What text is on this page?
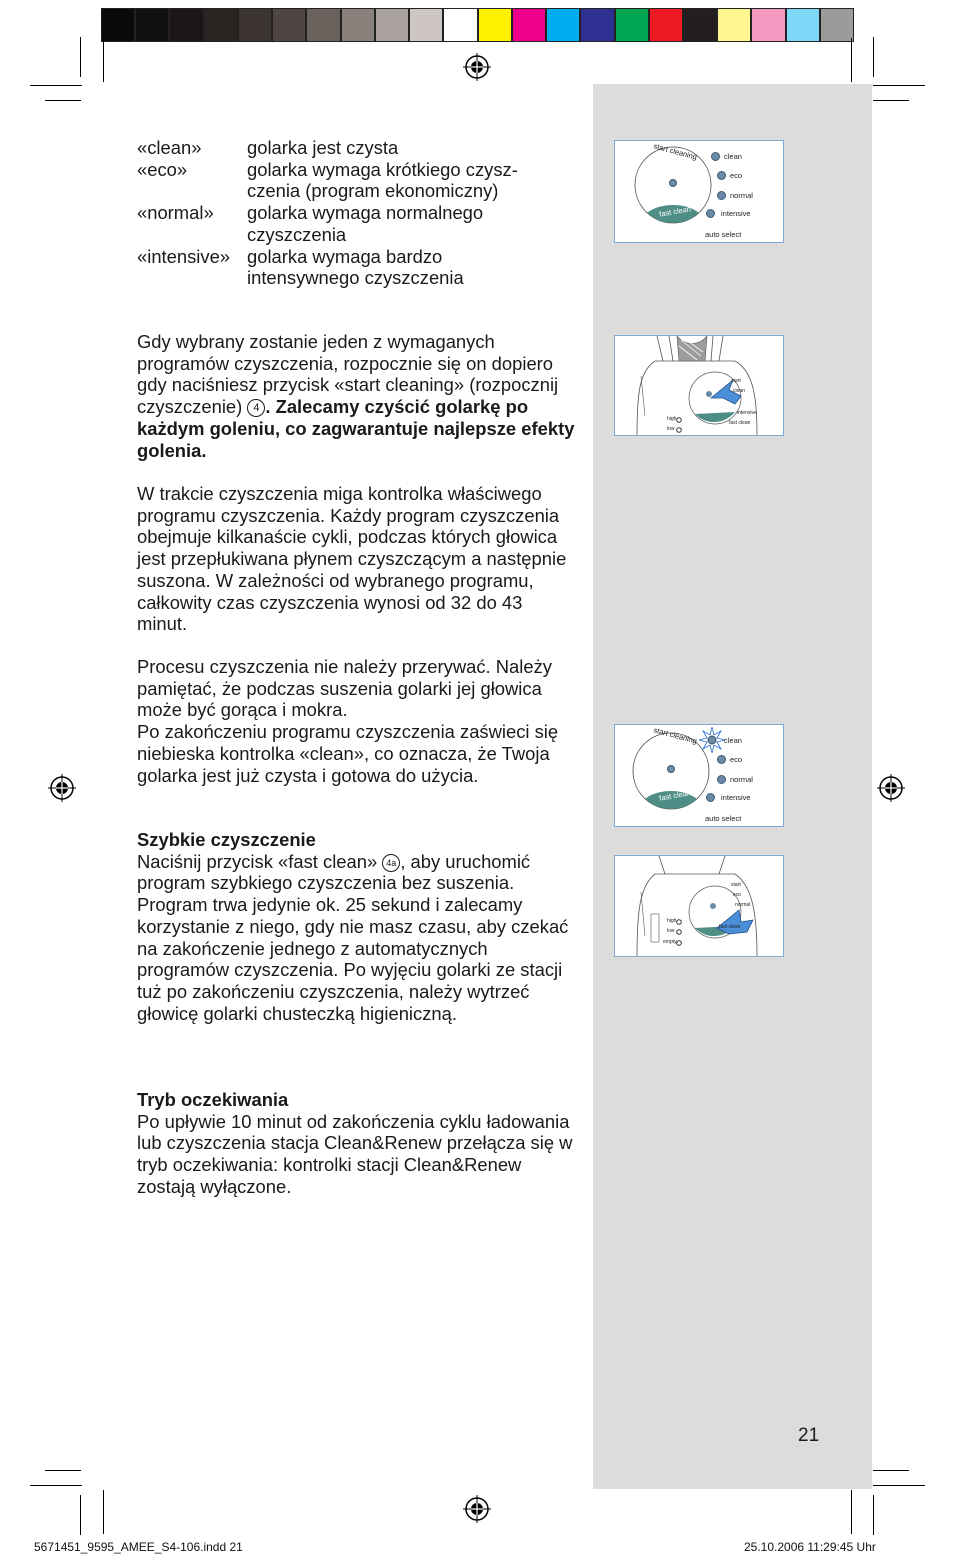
«clean»	golarka jest czysta
«eco»	golarka wymaga krótkiego czyszczenia (program ekonomiczny)
«normal»	golarka wymaga normalnego czyszczenia
«intensive» golarka wymaga bardzo intensywnego czyszczenia

Gdy wybrany zostanie jeden z wymaganych programów czyszczenia, rozpocznie się on dopiero gdy naciśniesz przycisk «start cleaning» (rozpocznij czyszczenie) 4 . Zalecamy czyścić golarkę po każdym goleniu, co zagwarantuje najlepsze efekty golenia.

W trakcie czyszczenia miga kontrolka właściwego programu czyszczenia. Każdy program czyszczenia obejmuje kilkanaście cykli, podczas których głowica jest przepłukiwana płynem czyszczącym a następnie suszona. W zależności od wybranego programu, całkowity czas czyszczenia wynosi od 32 do 43 minut.

Procesu czyszczenia nie należy przerywać. Należy pamiętać, że podczas suszenia golarki jej głowica może być gorąca i mokra.

Po zakończeniu programu czyszczenia zaświeci się niebieska kontrolka «clean», co oznacza, że Twoja golarka jest już czysta i gotowa do użycia.

Szybkie czyszczenie

Naciśnij przycisk «fast clean» 4a , aby uruchomić program szybkiego czyszczenia bez suszenia. Program trwa jedynie ok. 25 sekund i zalecamy korzystanie z niego, gdy nie masz czasu, aby czekać na zakończenie jednego z automatycznych programów czyszczenia. Po wyjęciu golarki ze stacji tuż po zakończeniu czyszczenia, należy wytrzeć głowicę golarki chusteczką higieniczną.

Tryb oczekiwania

Po upływie 10 minut od zakończenia cyklu ładowania lub czyszczenia stacja Clean&Renew przełącza się w tryb oczekiwania: kontrolki stacji Clean&Renew zostają wyłączone.

start cleaning
fast clean
clean
eco
normal
intensive
auto select
start
clean
intensive
fast clean
high
low
start cleaning
fast clean
clean
eco
normal
intensive
auto select
start
eco
normal
fast clean
high
low
empty
21
5671451_9595_AMEE_S4-106.indd 21	25.10.2006 11:29:45 Uhr
